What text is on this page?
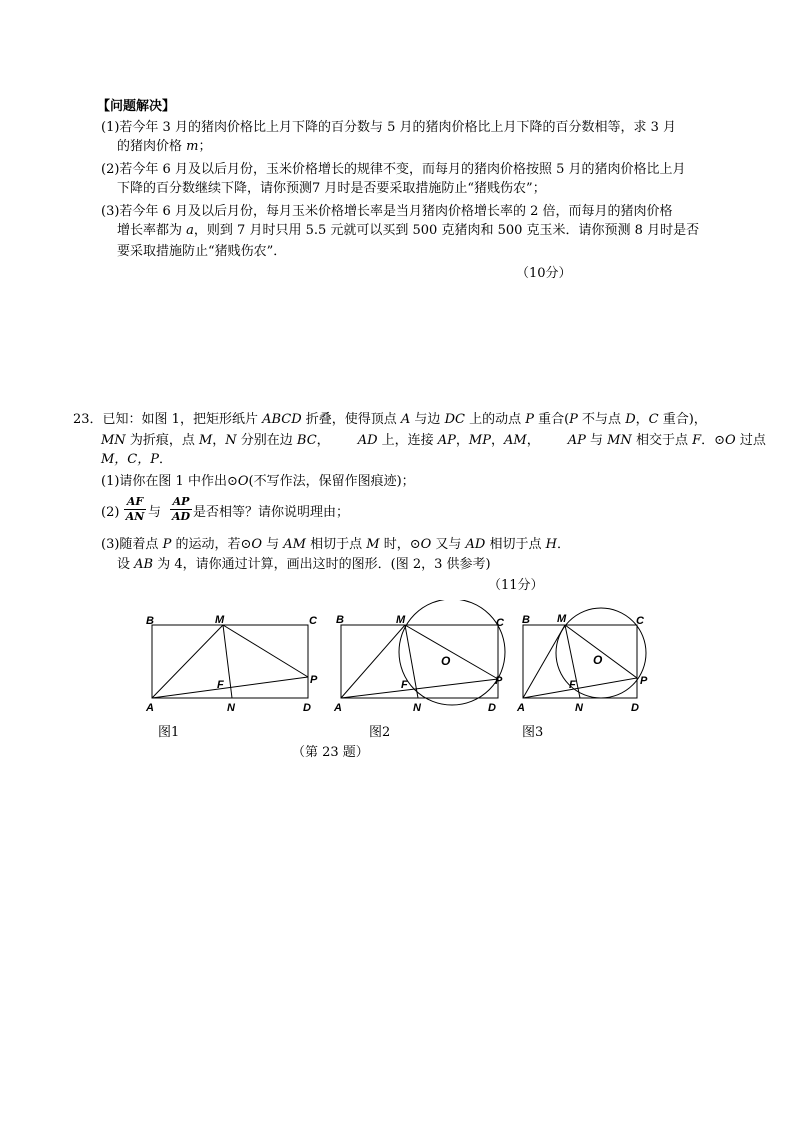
【问题解决】
(1)若今年 3 月的猪肉价格比上月下降的百分数与 5 月的猪肉价格比上月下降的百分数相等，求 3 月
的猪肉价格 m；
(2)若今年 6 月及以后月份，玉米价格增长的规律不变，而每月的猪肉价格按照 5 月的猪肉价格比上月
下降的百分数继续下降，请你预测7 月时是否要采取措施防止“猪贱伤农”；
(3)若今年 6 月及以后月份，每月玉米价格增长率是当月猪肉价格增长率的 2 倍，而每月的猪肉价格
增长率都为 a，则到 7 月时只用 5.5 元就可以买到 500 克猪肉和 500 克玉米．请你预测 8 月时是否
要采取措施防止“猪贱伤农”．
（10分）
23．已知：如图 1，把矩形纸片 ABCD 折叠，使得顶点 A 与边 DC 上的动点 P 重合(P 不与点 D，C 重合)，
MN 为折痕，点 M，N 分别在边 BC， AD 上，连接 AP，MP，AM， AP 与 MN 相交于点 F．⊙O 过点
M，C，P．
(1)请你在图 1 中作出⊙O(不写作法，保留作图痕迹)；
$(2) \frac{AF}{AN}$ 与 $\frac{AP}{AD}$ 是否相等？请你说明理由；
(3)随着点 P 的运动，若⊙O 与 AM 相切于点 M 时，⊙O 又与 AD 相切于点 H．
设 AB 为 4，请你通过计算，画出这时的图形．(图 2，3 供参考)
（11分）
B	M	C
P
F
A	N	D
B	M	C
P
F
O
A	N	D
B M	C
P
F
O
A	N	D
图1	图2	图3
（第 23 题）
